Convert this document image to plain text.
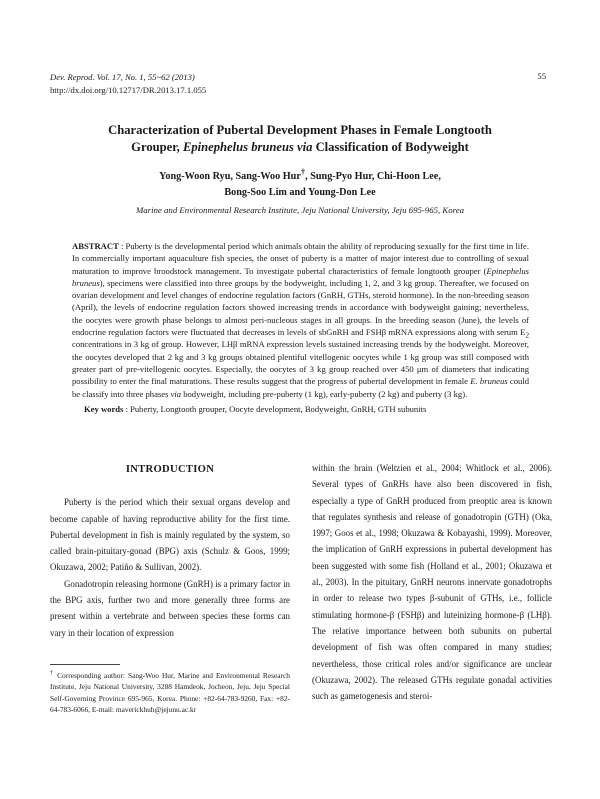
Dev. Reprod. Vol. 17, No. 1, 55~62 (2013)
http://dx.doi.org/10.12717/DR.2013.17.1.055
55
Characterization of Pubertal Development Phases in Female Longtooth
Grouper, Epinephelus bruneus via Classification of Bodyweight
Yong-Woon Ryu, Sang-Woo Hur†, Sung-Pyo Hur, Chi-Hoon Lee,
Bong-Soo Lim and Young-Don Lee
Marine and Environmental Research Institute, Jeju National University, Jeju 695-965, Korea
ABSTRACT : Puberty is the developmental period which animals obtain the ability of reproducing sexually for the first time in life. In commercially important aquaculture fish species, the onset of puberty is a matter of major interest due to controlling of sexual maturation to improve broodstock management. To investigate pubertal characteristics of female longtooth grouper (Epinephelus bruneus), specimens were classified into three groups by the bodyweight, including 1, 2, and 3 kg group. Thereafter, we focused on ovarian development and level changes of endocrine regulation factors (GnRH, GTHs, steroid hormone). In the non-breeding season (April), the levels of endocrine regulation factors showed increasing trends in accordance with bodyweight gaining; nevertheless, the oocytes were growth phase belongs to almost peri-nucleous stages in all groups. In the breeding season (June), the levels of endocrine regulation factors were fluctuated that decreases in levels of sbGnRH and FSHβ mRNA expressions along with serum $E_2$ concentrations in 3 kg of group. However, LHβ mRNA expression levels sustained increasing trends by the bodyweight. Moreover, the oocytes developed that 2 kg and 3 kg groups obtained plentiful vitellogenic oocytes while 1 kg group was still composed with greater part of pre-vitellogenic oocytes. Especially, the oocytes of 3 kg group reached over 450 μm of diameters that indicating possibility to enter the final maturations. These results suggest that the progress of pubertal development in female E. bruneus could be classify into three phases via bodyweight, including pre-puberty (1 kg), early-puberty (2 kg) and puberty (3 kg).
Key words : Puberty, Longtooth grouper, Oocyte development, Bodyweight, GnRH, GTH subunits
INTRODUCTION

Puberty is the period which their sexual organs develop and become capable of having reproductive ability for the first time. Pubertal development in fish is mainly regulated by the system, so called brain-pituitary-gonad (BPG) axis (Schulz & Goos, 1999; Okuzawa, 2002; Patiño & Sullivan, 2002).

Gonadotropin releasing hormone (GnRH) is a primary factor in the BPG axis, further two and more generally three forms are present within a vertebrate and between species these forms can vary in their location of expression

† Corresponding author: Sang-Woo Hur, Marine and Environmental Research Institute, Jeju National University, 3288 Hamdeok, Jocheon, Jeju, Jeju Special Self-Governing Province 695-965, Korea. Phone: +82-64-783-9260, Fax: +82-64-783-6066, E-mail: maverickhuh@jejunu.ac.kr

within the brain (Weltzien et al., 2004; Whitlock et al., 2006). Several types of GnRHs have also been discovered in fish, especially a type of GnRH produced from preoptic area is known that regulates synthesis and release of gonadotropin (GTH) (Oka, 1997; Goos et al., 1998; Okuzawa & Kobayashi, 1999). Moreover, the implication of GnRH expressions in pubertal development has been suggested with some fish (Holland et al., 2001; Okuzawa et al., 2003). In the pituitary, GnRH neurons innervate gonadotrophs in order to release two types β-subunit of GTHs, i.e., follicle stimulating hormone-β (FSHβ) and luteinizing hormone-β (LHβ). The relative importance between both subunits on pubertal development of fish was often compared in many studies; nevertheless, those critical roles and/or significance are unclear (Okuzawa, 2002). The released GTHs regulate gonadal activities such as gametogenesis and steroi-
